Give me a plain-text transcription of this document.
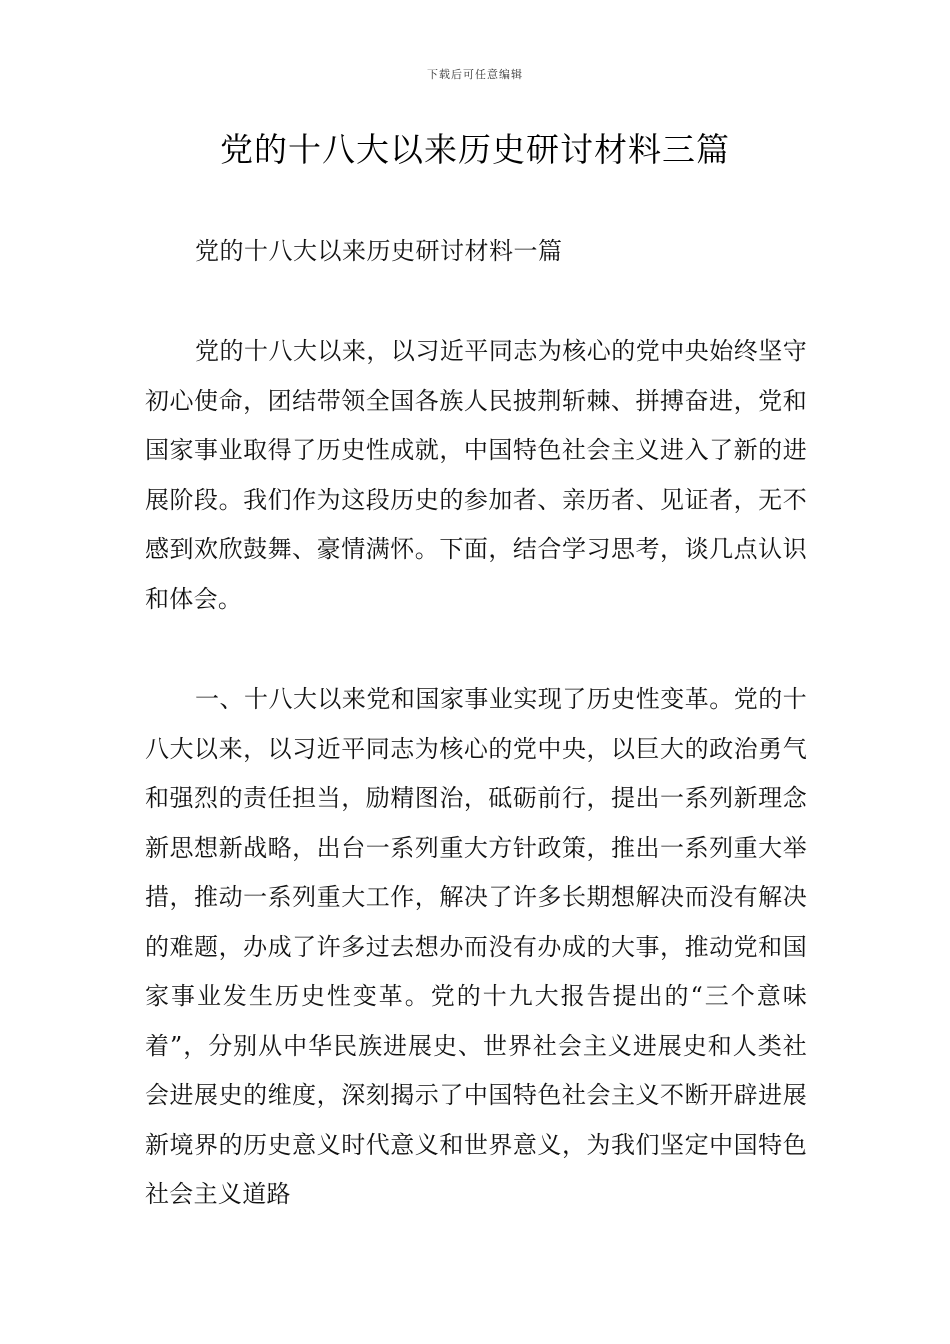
下载后可任意编辑
党的十八大以来历史研讨材料三篇

党的十八大以来历史研讨材料一篇

党的十八大以来，以习近平同志为核心的党中央始终坚守初心使命，团结带领全国各族人民披荆斩棘、拼搏奋进，党和国家事业取得了历史性成就，中国特色社会主义进入了新的进展阶段。我们作为这段历史的参加者、亲历者、见证者，无不感到欢欣鼓舞、豪情满怀。下面，结合学习思考，谈几点认识和体会。

一、十八大以来党和国家事业实现了历史性变革。党的十八大以来，以习近平同志为核心的党中央，以巨大的政治勇气和强烈的责任担当，励精图治，砥砺前行，提出一系列新理念新思想新战略，出台一系列重大方针政策，推出一系列重大举措，推动一系列重大工作，解决了许多长期想解决而没有解决的难题，办成了许多过去想办而没有办成的大事，推动党和国家事业发生历史性变革。党的十九大报告提出的“三个意味着”，分别从中华民族进展史、世界社会主义进展史和人类社会进展史的维度，深刻揭示了中国特色社会主义不断开辟进展新境界的历史意义时代意义和世界意义，为我们坚定中国特色社会主义道路
